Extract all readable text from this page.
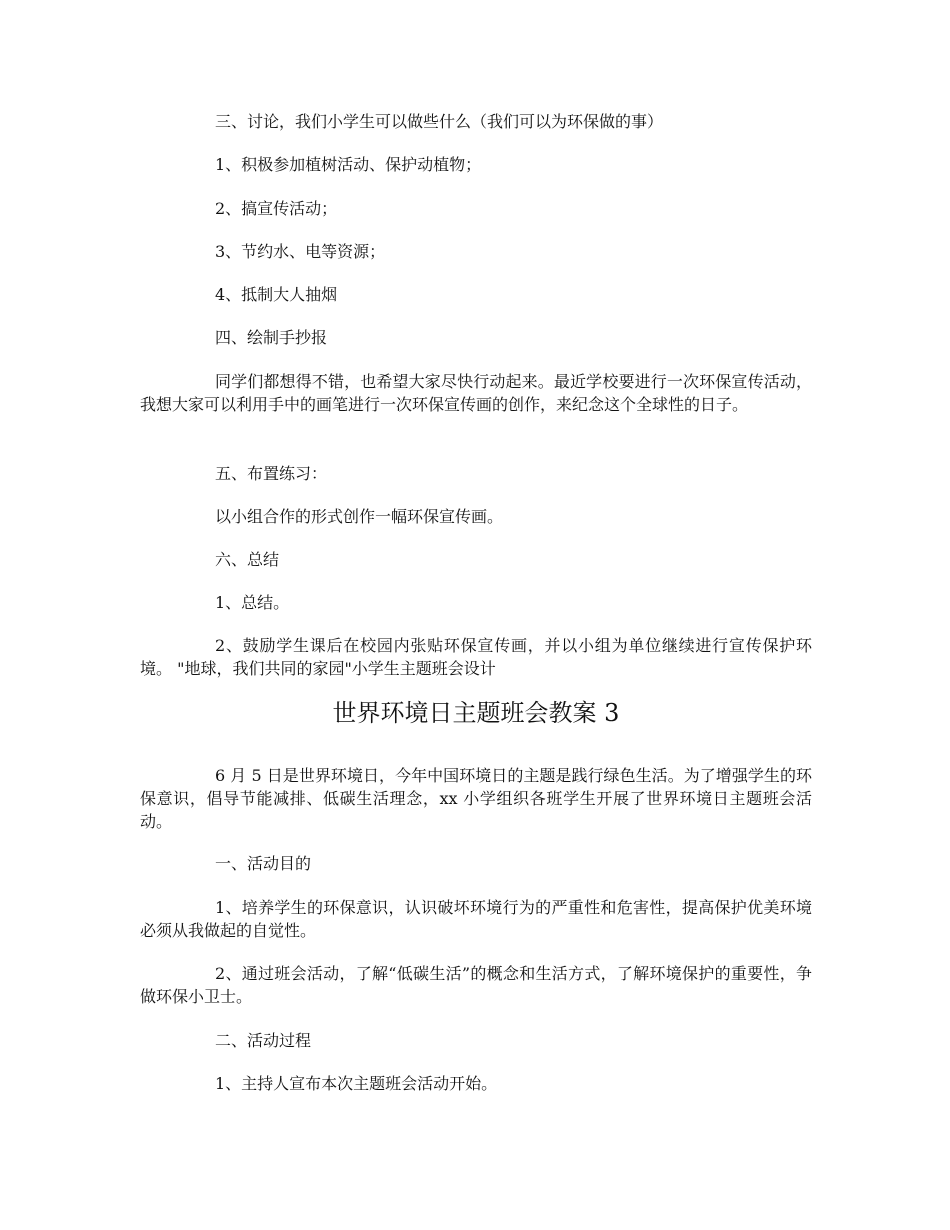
三、讨论，我们小学生可以做些什么（我们可以为环保做的事）

1、积极参加植树活动、保护动植物；

2、搞宣传活动；

3、节约水、电等资源；

4、抵制大人抽烟

四、绘制手抄报

同学们都想得不错，也希望大家尽快行动起来。最近学校要进行一次环保宣传活动，我想大家可以利用手中的画笔进行一次环保宣传画的创作，来纪念这个全球性的日子。

五、布置练习：

以小组合作的形式创作一幅环保宣传画。

六、总结

1、总结。

2、鼓励学生课后在校园内张贴环保宣传画，并以小组为单位继续进行宣传保护环境。 "地球，我们共同的家园"小学生主题班会设计

世界环境日主题班会教案 3

6 月 5 日是世界环境日，今年中国环境日的主题是践行绿色生活。为了增强学生的环保意识，倡导节能减排、低碳生活理念，xx 小学组织各班学生开展了世界环境日主题班会活动。

一、活动目的

1、培养学生的环保意识，认识破坏环境行为的严重性和危害性，提高保护优美环境必须从我做起的自觉性。

2、通过班会活动，了解“低碳生活”的概念和生活方式，了解环境保护的重要性，争做环保小卫士。

二、活动过程

1、主持人宣布本次主题班会活动开始。
